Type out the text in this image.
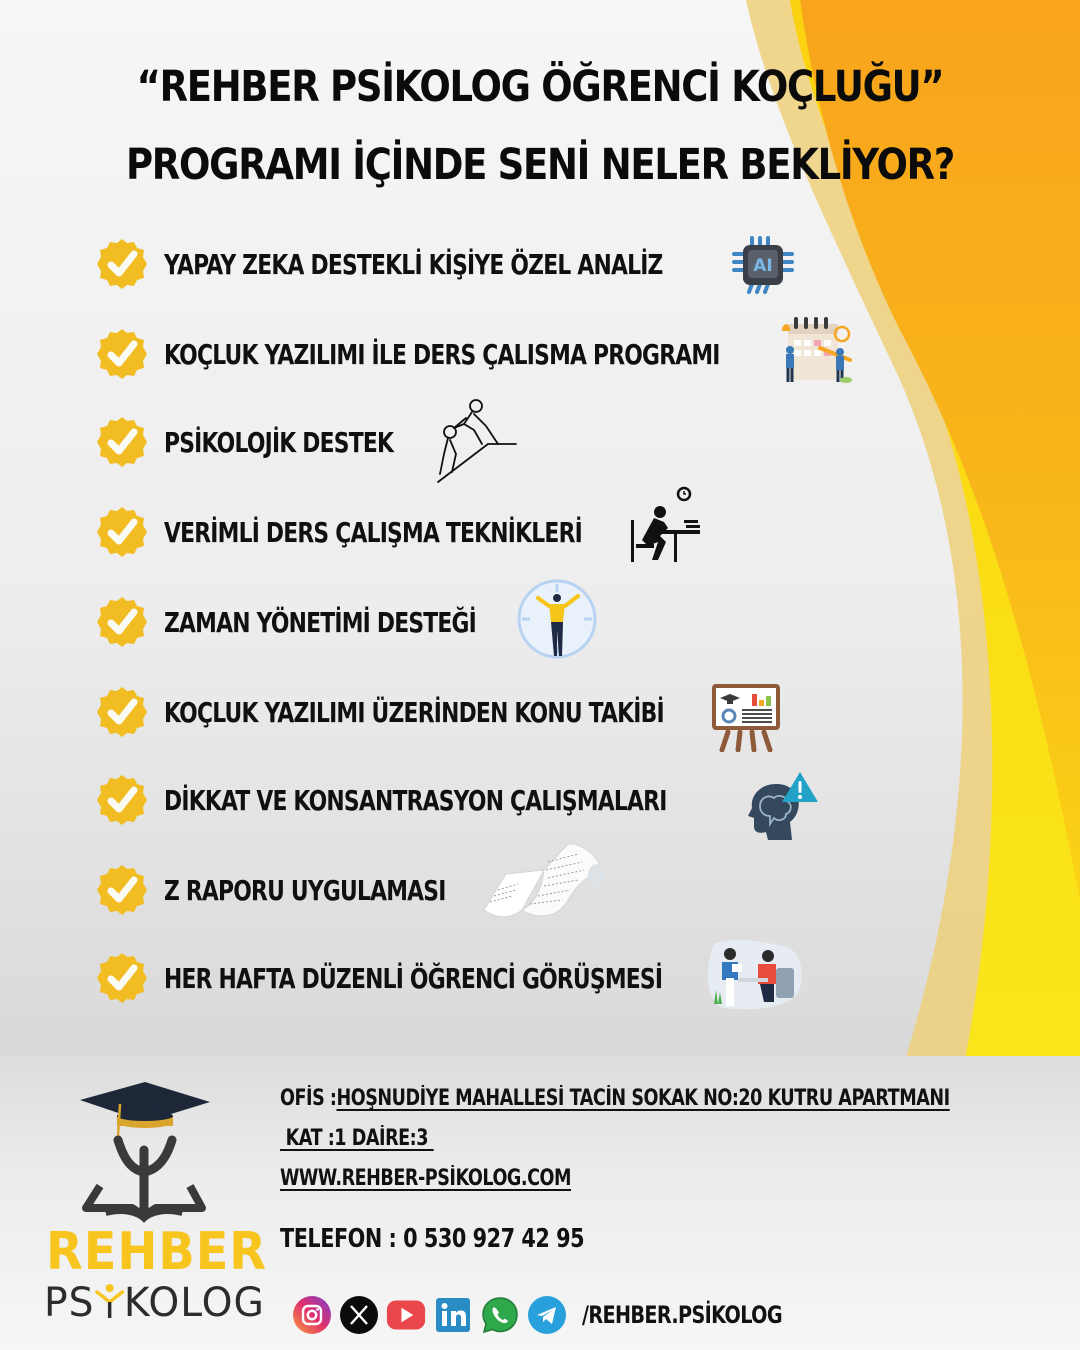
“REHBER PSİKOLOG ÖĞRENCİ KOÇLUĞU”
PROGRAMI İÇİNDE SENİ NELER BEKLİYOR?
YAPAY ZEKA DESTEKLİ KİŞİYE ÖZEL ANALİZ
KOÇLUK YAZILIMI İLE DERS ÇALISMA PROGRAMI
PSİKOLOJİK DESTEK
VERİMLİ DERS ÇALIŞMA TEKNİKLERİ
ZAMAN YÖNETİMİ DESTEĞİ
KOÇLUK YAZILIMI ÜZERİNDEN KONU TAKİBİ
DİKKAT VE KONSANTRASYON ÇALIŞMALARI
Z RAPORU UYGULAMASI
HER HAFTA DÜZENLİ ÖĞRENCİ GÖRÜŞMESİ
AI
REHBER
PS KOLOG
OFİS :HOŞNUDİYE MAHALLESİ TACİN SOKAK NO:20 KUTRU APARTMANI
KAT :1 DAİRE:3
WWW.REHBER-PSİKOLOG.COM
TELEFON : 0 530 927 42 95
/REHBER.PSİKOLOG
